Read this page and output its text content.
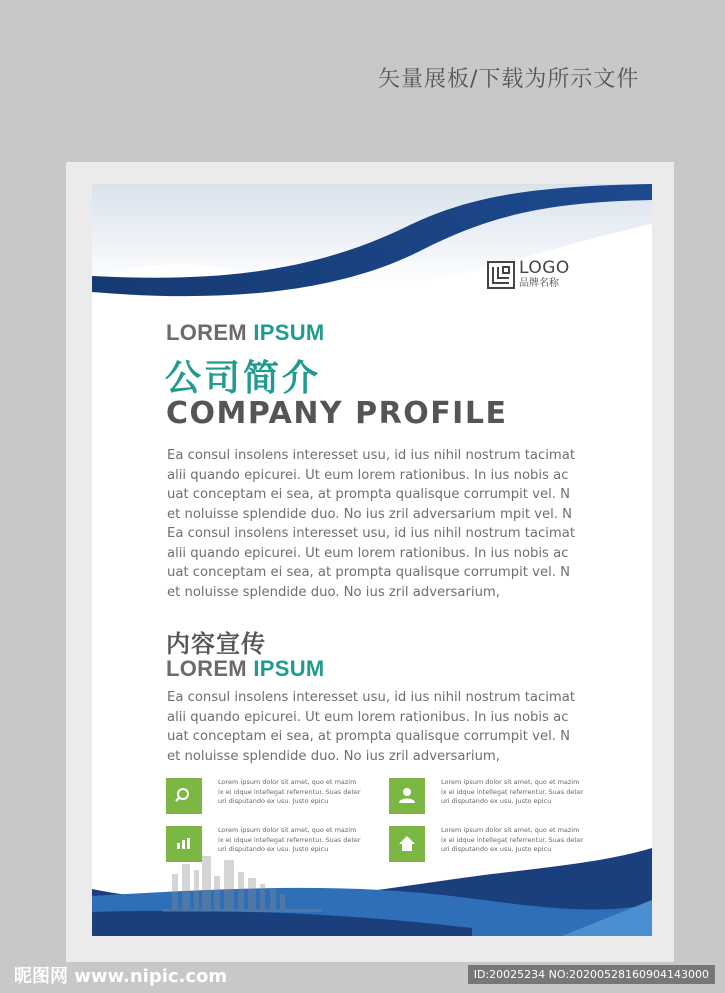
矢量展板/下载为所示文件
LOGO
品牌名称
LOREM IPSUM
公司简介
COMPANY PROFILE
Ea consul insolens interesset usu, id ius nihil nostrum tacimat
alii quando epicurei. Ut eum lorem rationibus. In ius nobis ac
uat conceptam ei sea, at prompta qualisque corrumpit vel. N
et noluisse splendide duo. No ius zril adversarium mpit vel. N
Ea consul insolens interesset usu, id ius nihil nostrum tacimat
alii quando epicurei. Ut eum lorem rationibus. In ius nobis ac
uat conceptam ei sea, at prompta qualisque corrumpit vel. N
et noluisse splendide duo. No ius zril adversarium,
内容宣传
LOREM IPSUM
Ea consul insolens interesset usu, id ius nihil nostrum tacimat
alii quando epicurei. Ut eum lorem rationibus. In ius nobis ac
uat conceptam ei sea, at prompta qualisque corrumpit vel. N
et noluisse splendide duo. No ius zril adversarium,
Lorem ipsum dolor sit amet, quo et mazim
ix ei idque intellegat referrentur. Suas deter
uri disputando ex usu. Justo epicu
Lorem ipsum dolor sit amet, quo et mazim
ix ei idque intellegat referrentur. Suas deter
uri disputando ex usu. Justo epicu
Lorem ipsum dolor sit amet, quo et mazim
ix ei idque intellegat referrentur. Suas deter
uri disputando ex usu. Justo epicu
Lorem ipsum dolor sit amet, quo et mazim
ix ei idque intellegat referrentur. Suas deter
uri disputando ex usu. Justo epicu
昵图网 www.nipic.com	ID:20025234 NO:20200528160904143000
